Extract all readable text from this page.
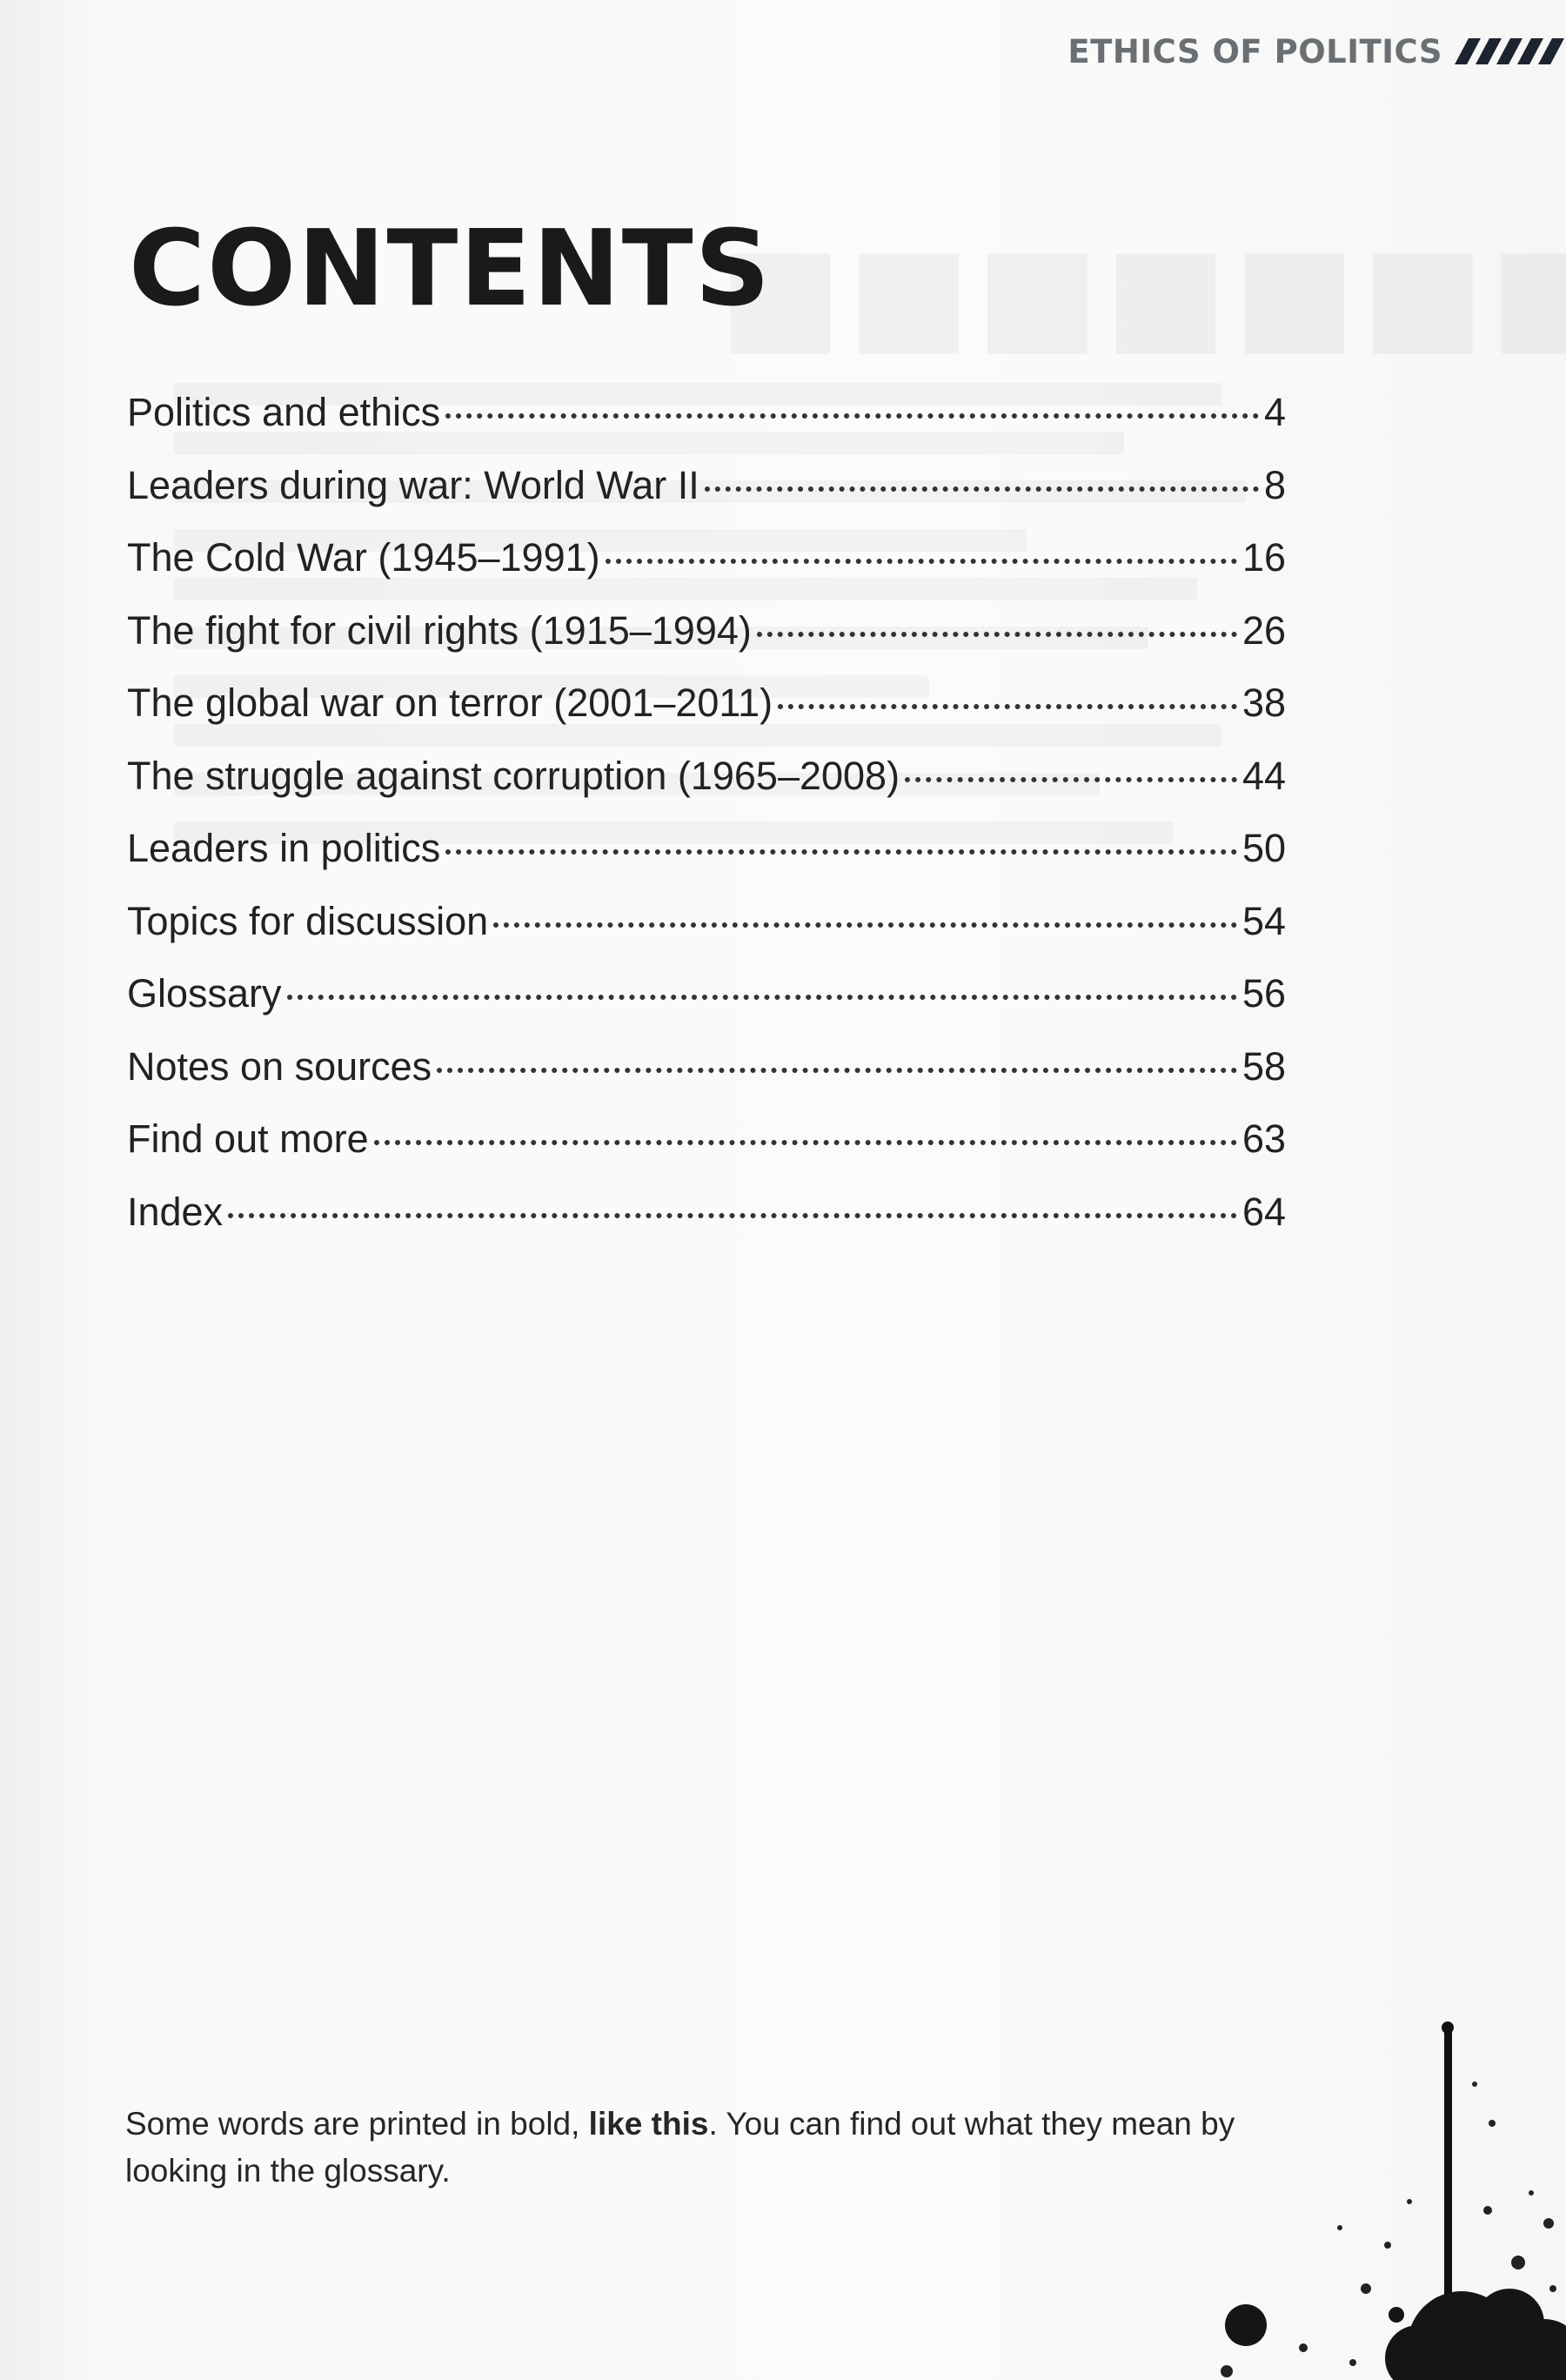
ETHICS OF POLITICS
CONTENTS
Politics and ethics	4
Leaders during war: World War II	8
The Cold War (1945–1991)	16
The fight for civil rights (1915–1994)	26
The global war on terror (2001–2011)	38
The struggle against corruption (1965–2008)	44
Leaders in politics	50
Topics for discussion	54
Glossary	56
Notes on sources	58
Find out more	63
Index	64

Some words are printed in bold, like this. You can find out what they mean by looking in the glossary.
